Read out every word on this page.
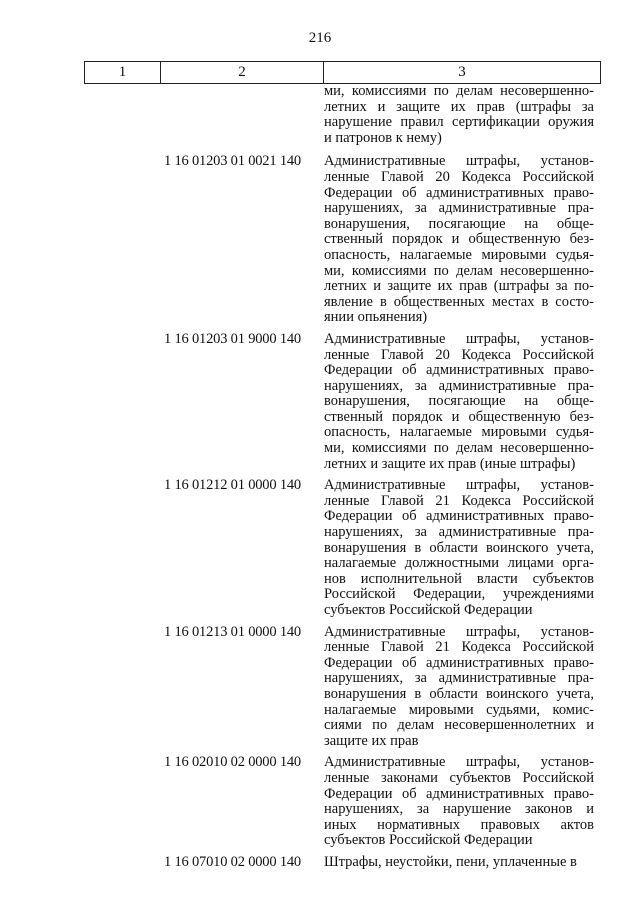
216
1	2	3
ми, комиссиями по делам несовершенно-
летних и защите их прав (штрафы за
нарушение правил сертификации оружия
и патронов к нему)
1 16 01203 01 0021 140	Административные штрафы, установ-
ленные Главой 20 Кодекса Российской
Федерации об административных право-
нарушениях, за административные пра-
вонарушения, посягающие на обще-
ственный порядок и общественную без-
опасность, налагаемые мировыми судья-
ми, комиссиями по делам несовершенно-
летних и защите их прав (штрафы за по-
явление в общественных местах в состо-
янии опьянения)
1 16 01203 01 9000 140	Административные штрафы, установ-
ленные Главой 20 Кодекса Российской
Федерации об административных право-
нарушениях, за административные пра-
вонарушения, посягающие на обще-
ственный порядок и общественную без-
опасность, налагаемые мировыми судья-
ми, комиссиями по делам несовершенно-
летних и защите их прав (иные штрафы)
1 16 01212 01 0000 140	Административные штрафы, установ-
ленные Главой 21 Кодекса Российской
Федерации об административных право-
нарушениях, за административные пра-
вонарушения в области воинского учета,
налагаемые должностными лицами орга-
нов исполнительной власти субъектов
Российской Федерации, учреждениями
субъектов Российской Федерации
1 16 01213 01 0000 140	Административные штрафы, установ-
ленные Главой 21 Кодекса Российской
Федерации об административных право-
нарушениях, за административные пра-
вонарушения в области воинского учета,
налагаемые мировыми судьями, комис-
сиями по делам несовершеннолетних и
защите их прав
1 16 02010 02 0000 140	Административные штрафы, установ-
ленные законами субъектов Российской
Федерации об административных право-
нарушениях, за нарушение законов и
иных нормативных правовых актов
субъектов Российской Федерации
1 16 07010 02 0000 140	Штрафы, неустойки, пени, уплаченные в
